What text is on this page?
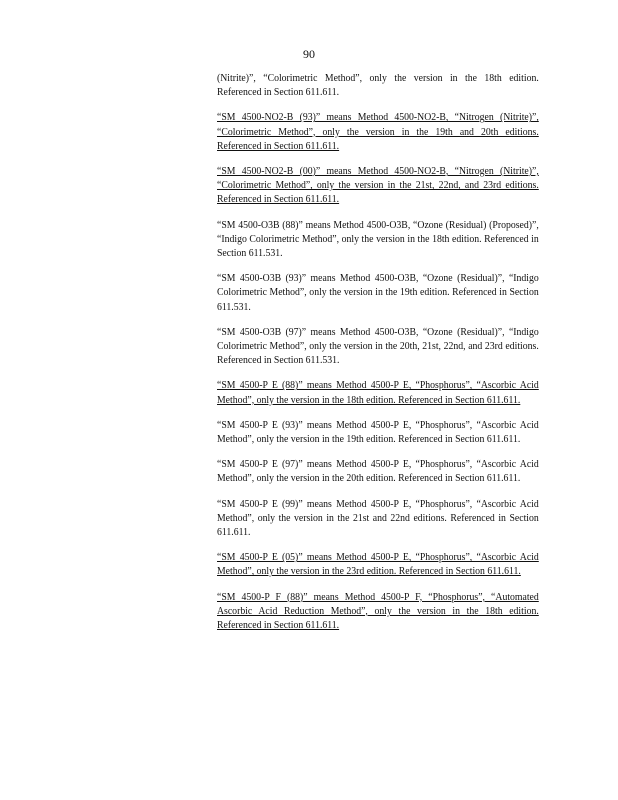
90

(Nitrite)”, “Colorimetric Method”, only the version in the 18th edition. Referenced in Section 611.611.

“SM 4500-NO2-B (93)” means Method 4500-NO2-B, “Nitrogen (Nitrite)”, “Colorimetric Method”, only the version in the 19th and 20th editions. Referenced in Section 611.611.

“SM 4500-NO2-B (00)” means Method 4500-NO2-B, “Nitrogen (Nitrite)”, “Colorimetric Method”, only the version in the 21st, 22nd, and 23rd editions. Referenced in Section 611.611.

“SM 4500-O3B (88)” means Method 4500-O3B, “Ozone (Residual) (Proposed)”, “Indigo Colorimetric Method”, only the version in the 18th edition. Referenced in Section 611.531.

“SM 4500-O3B (93)” means Method 4500-O3B, “Ozone (Residual)”, “Indigo Colorimetric Method”, only the version in the 19th edition. Referenced in Section 611.531.

“SM 4500-O3B (97)” means Method 4500-O3B, “Ozone (Residual)”, “Indigo Colorimetric Method”, only the version in the 20th, 21st, 22nd, and 23rd editions. Referenced in Section 611.531.

“SM 4500-P E (88)” means Method 4500-P E, “Phosphorus”, “Ascorbic Acid Method”, only the version in the 18th edition. Referenced in Section 611.611.

“SM 4500-P E (93)” means Method 4500-P E, “Phosphorus”, “Ascorbic Acid Method”, only the version in the 19th edition. Referenced in Section 611.611.

“SM 4500-P E (97)” means Method 4500-P E, “Phosphorus”, “Ascorbic Acid Method”, only the version in the 20th edition. Referenced in Section 611.611.

“SM 4500-P E (99)” means Method 4500-P E, “Phosphorus”, “Ascorbic Acid Method”, only the version in the 21st and 22nd editions. Referenced in Section 611.611.

“SM 4500-P E (05)” means Method 4500-P E, “Phosphorus”, “Ascorbic Acid Method”, only the version in the 23rd edition. Referenced in Section 611.611.

“SM 4500-P F (88)” means Method 4500-P F, “Phosphorus”, “Automated Ascorbic Acid Reduction Method”, only the version in the 18th edition. Referenced in Section 611.611.
